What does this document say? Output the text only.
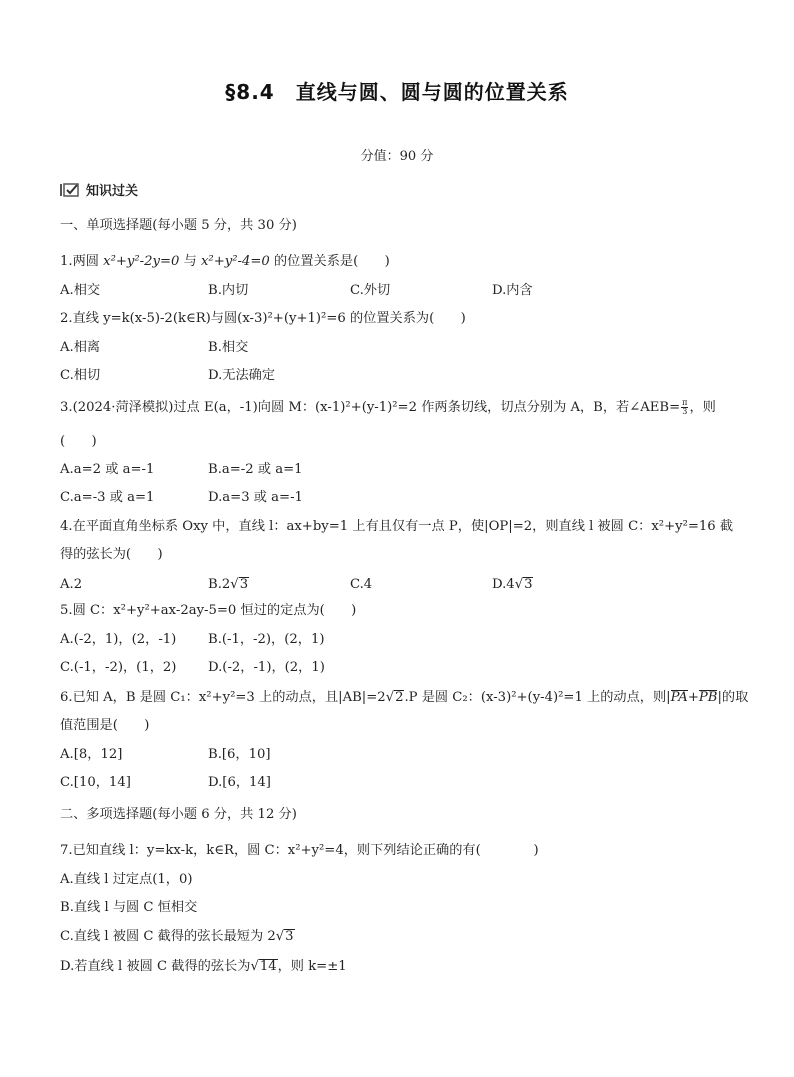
§8.4　直线与圆、圆与圆的位置关系
分值：90 分
知识过关
一、单项选择题(每小题 5 分，共 30 分)
1.两圆 x²+y²-2y=0 与 x²+y²-4=0 的位置关系是(　　)
A.相交	B.内切	C.外切	D.内含
2.直线 y=k(x-5)-2(k∈R)与圆(x-3)²+(y+1)²=6 的位置关系为(　　)
A.相离	B.相交
C.相切	D.无法确定
3.(2024·菏泽模拟)过点 E(a，-1)向圆 M：(x-1)²+(y-1)²=2 作两条切线，切点分别为 A，B，若∠AEB= $\frac{\pi}{3}$ ，则
(　　)
A.a=2 或 a=-1	B.a=-2 或 a=1
C.a=-3 或 a=1	D.a=3 或 a=-1
4.在平面直角坐标系 Oxy 中，直线 l：ax+by=1 上有且仅有一点 P，使|OP|=2，则直线 l 被圆 C：x²+y²=16 截
得的弦长为(　　)
A.2	B.2√3	C.4	D.4√3
5.圆 C：x²+y²+ax-2ay-5=0 恒过的定点为(　　)
A.(-2，1)，(2，-1) B.(-1，-2)，(2，1)
C.(-1，-2)，(1，2) D.(-2，-1)，(2，1)
6.已知 A，B 是圆 C₁：x²+y²=3 上的动点，且|AB|=2√2.P 是圆 C₂：(x-3)²+(y-4)²=1 上的动点，则|PA+PB|的取
值范围是(　　)
A.[8，12]	B.[6，10]
C.[10，14]	D.[6，14]
二、多项选择题(每小题 6 分，共 12 分)
7.已知直线 l：y=kx-k，k∈R，圆 C：x²+y²=4，则下列结论正确的有(　　　　)
A.直线 l 过定点(1，0)
B.直线 l 与圆 C 恒相交
C.直线 l 被圆 C 截得的弦长最短为 2√3
D.若直线 l 被圆 C 截得的弦长为√14，则 k=±1
